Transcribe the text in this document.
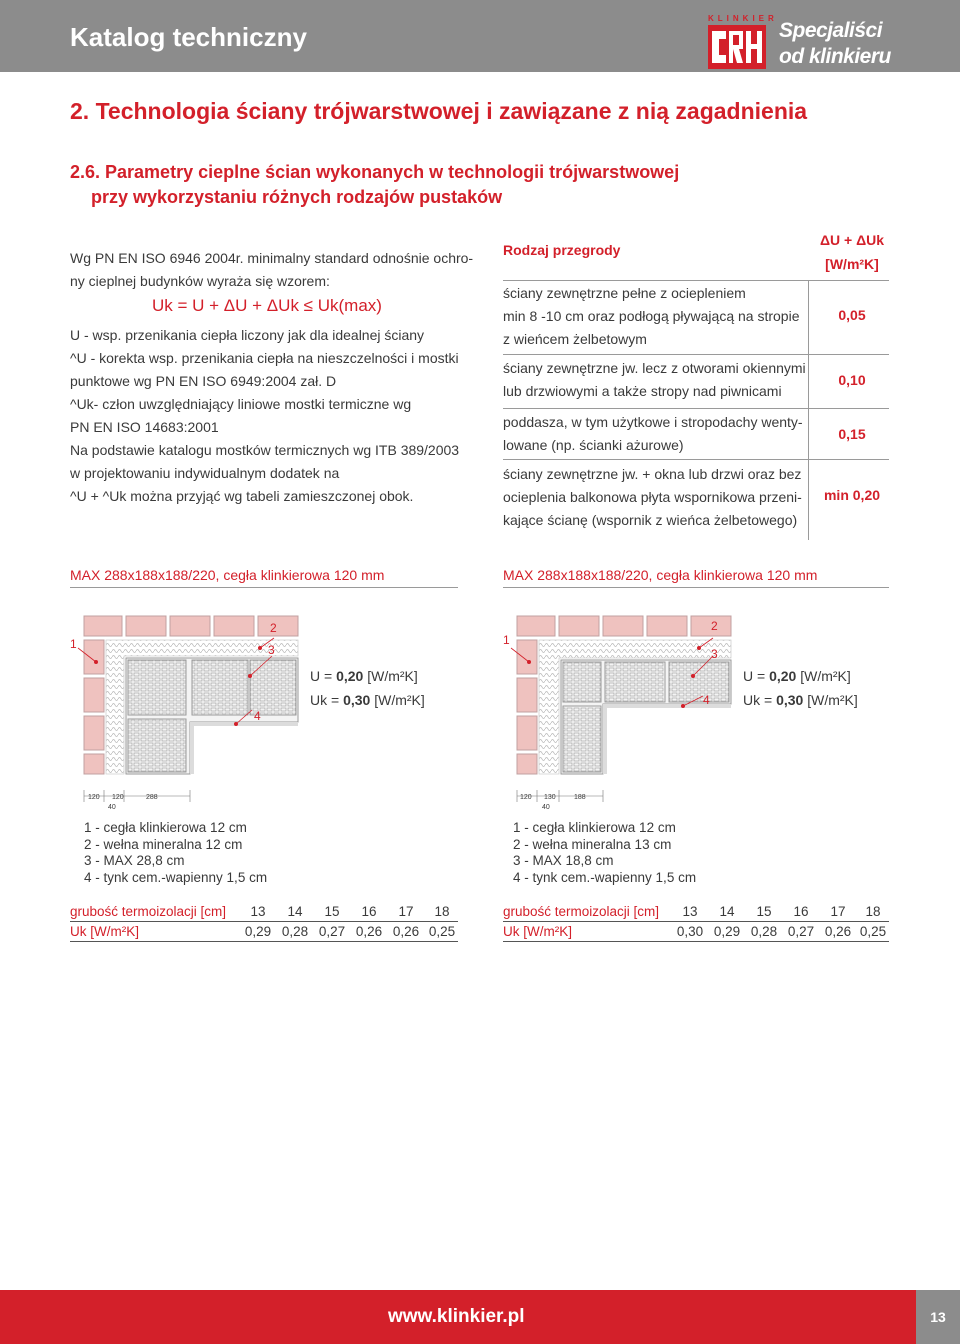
Katalog techniczny
KLINKIER
Specjaliści
od klinkieru
2. Technologia ściany trójwarstwowej i zawiązane z nią zagadnienia
2.6. Parametry cieplne ścian wykonanych w technologii trójwarstwowej
przy wykorzystaniu różnych rodzajów pustaków
Wg PN EN ISO 6946 2004r. minimalny standard odnośnie ochro-
ny cieplnej budynków wyraża się wzorem:
Uk = U + ΔU + ΔUk ≤ Uk(max)
U - wsp. przenikania ciepła liczony jak dla idealnej ściany
^U - korekta wsp. przenikania ciepła na nieszczelności i mostki
punktowe wg PN EN ISO 6949:2004 zał. D
^Uk- człon uwzględniający liniowe mostki termiczne wg
PN EN ISO 14683:2001
Na podstawie katalogu mostków termicznych wg ITB 389/2003
w projektowaniu indywidualnym dodatek na
^U + ^Uk można przyjąć wg tabeli zamieszczonej obok.
Rodzaj przegrody
ΔU + ΔUk
[W/m²K]
ściany zewnętrzne pełne z ociepleniem
min 8 -10 cm oraz podłogą pływającą na stropie
z wieńcem żelbetowym
0,05
ściany zewnętrzne jw. lecz z otworami okiennymi
lub drzwiowymi a także stropy nad piwnicami
0,10
poddasza, w tym użytkowe i stropodachy wenty-
lowane (np. ścianki ażurowe)
0,15
ściany zewnętrzne jw. + okna lub drzwi oraz bez
ocieplenia balkonowa płyta wspornikowa przeni-
kające ścianę (wspornik z wieńca żelbetowego)
min 0,20
MAX 288x188x188/220, cegła klinkierowa 120 mm	MAX 288x188x188/220, cegła klinkierowa 120 mm
1
2
3
4
120 120	288
40
U = 0,20 [W/m²K]
Uk = 0,30 [W/m²K]
1
2
3
4
120 130	188
40
U = 0,20 [W/m²K]
Uk = 0,30 [W/m²K]
1 - cegła klinkierowa 12 cm
2 - wełna mineralna 12 cm
3 - MAX 28,8 cm
4 - tynk cem.-wapienny 1,5 cm
1 - cegła klinkierowa 12 cm
2 - wełna mineralna 13 cm
3 - MAX 18,8 cm
4 - tynk cem.-wapienny 1,5 cm
grubość termoizolacji [cm]
Uk [W/m²K]
13	14	15	16	17	18
0,29 0,28 0,27 0,26 0,26 0,25
grubość termoizolacji [cm]
Uk [W/m²K]
13	14	15	16	17	18
0,30 0,29 0,28 0,27 0,26 0,25
www.klinkier.pl	13
